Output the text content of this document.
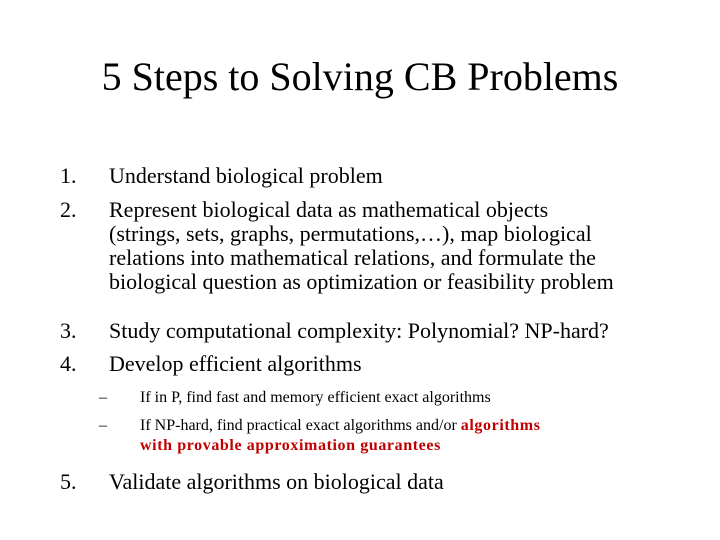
5 Steps to Solving CB Problems
1. Understand biological problem
2. Represent biological data as mathematical objects
(strings, sets, graphs, permutations,…), map biological
relations into mathematical relations, and formulate the
biological question as optimization or feasibility problem
3. Study computational complexity: Polynomial? NP-hard?
4. Develop efficient algorithms
– If in P, find fast and memory efficient exact algorithms
– If NP-hard, find practical exact algorithms and/or algorithms
with provable approximation guarantees
5. Validate algorithms on biological data
